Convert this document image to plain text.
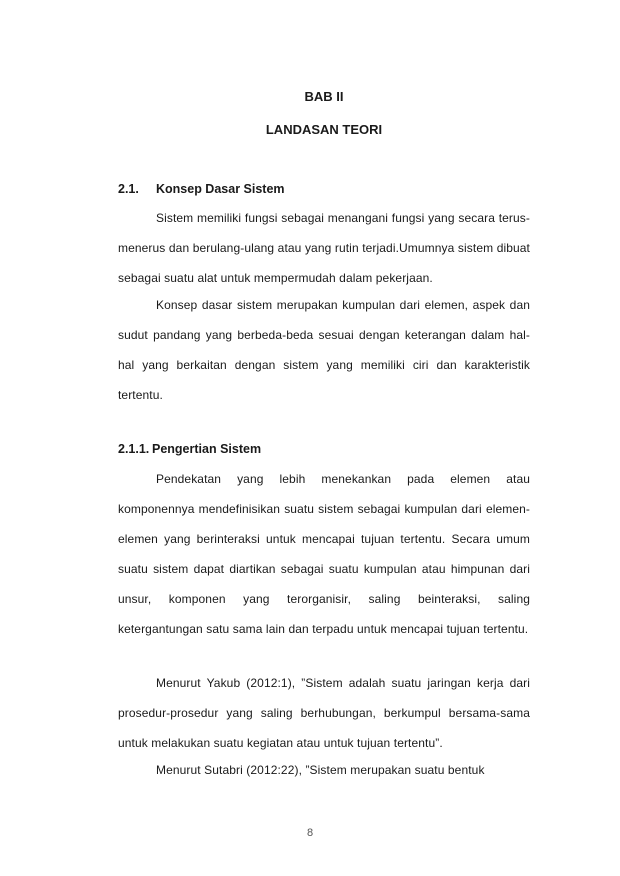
BAB II
LANDASAN TEORI
2.1. Konsep Dasar Sistem

Sistem memiliki fungsi sebagai menangani fungsi yang secara terus-menerus dan berulang-ulang atau yang rutin terjadi.Umumnya sistem dibuat sebagai suatu alat untuk mempermudah dalam pekerjaan.

Konsep dasar sistem merupakan kumpulan dari elemen, aspek dan sudut pandang yang berbeda-beda sesuai dengan keterangan dalam hal-hal yang berkaitan dengan sistem yang memiliki ciri dan karakteristik tertentu.

2.1.1. Pengertian Sistem

Pendekatan yang lebih menekankan pada elemen atau komponennya mendefinisikan suatu sistem sebagai kumpulan dari elemen-elemen yang berinteraksi untuk mencapai tujuan tertentu. Secara umum suatu sistem dapat diartikan sebagai suatu kumpulan atau himpunan dari unsur, komponen yang terorganisir, saling beinteraksi, saling ketergantungan satu sama lain dan terpadu untuk mencapai tujuan tertentu.

Menurut Yakub (2012:1), ”Sistem adalah suatu jaringan kerja dari prosedur-prosedur yang saling berhubungan, berkumpul bersama-sama untuk melakukan suatu kegiatan atau untuk tujuan tertentu”.

Menurut Sutabri (2012:22), ”Sistem merupakan suatu bentuk

8
